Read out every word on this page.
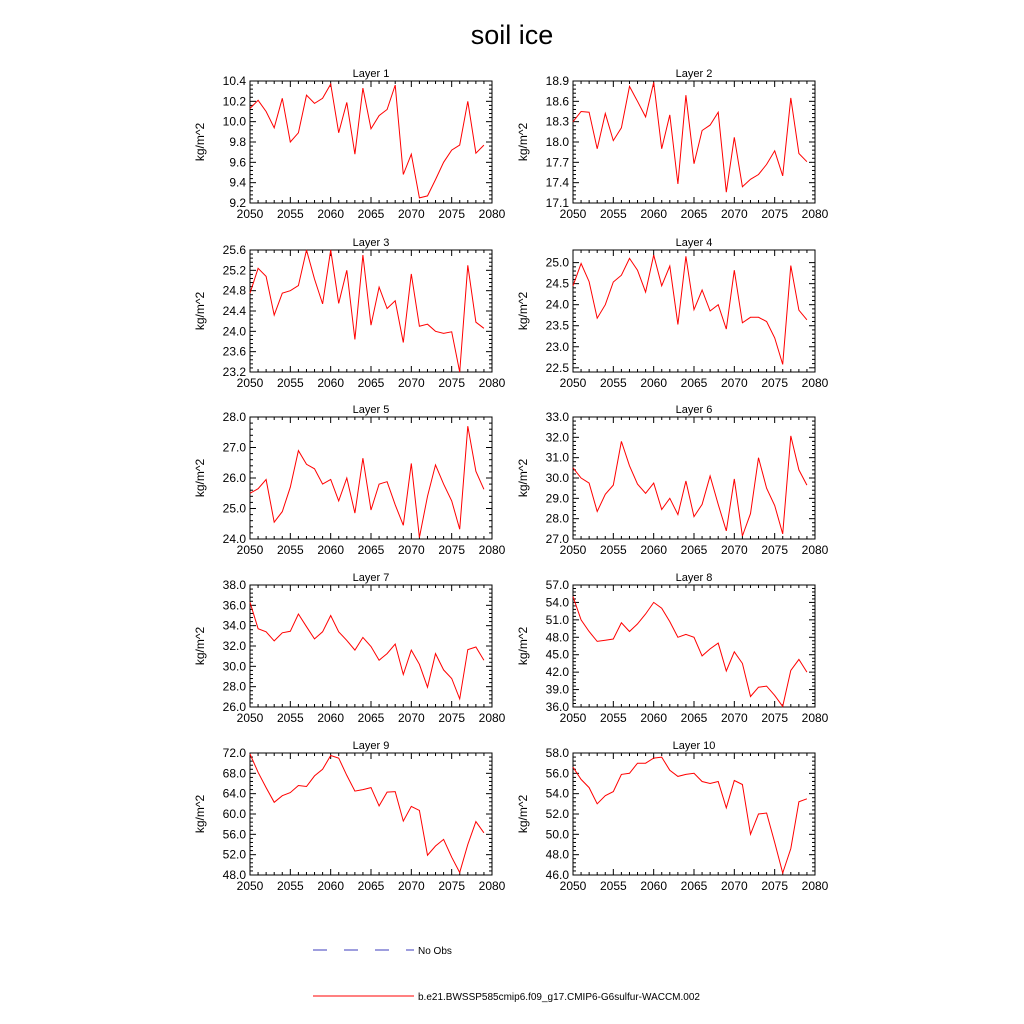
soil ice
Layer 1
2050 2055 2060 2065 2070 2075 2080
9.2
9.4
9.6
9.8
10.0
10.2
10.4
kg/m^2
Layer 2
2050 2055 2060 2065 2070 2075 2080
17.1
17.4
17.7
18.0
18.3
18.6
18.9
kg/m^2
Layer 3
2050 2055 2060 2065 2070 2075 2080
23.2
23.6
24.0
24.4
24.8
25.2
25.6
kg/m^2
Layer 4
2050 2055 2060 2065 2070 2075 2080
22.5
23.0
23.5
24.0
24.5
25.0
kg/m^2
Layer 5
2050 2055 2060 2065 2070 2075 2080
24.0
25.0
26.0
27.0
28.0
kg/m^2
Layer 6
2050 2055 2060 2065 2070 2075 2080
27.0
28.0
29.0
30.0
31.0
32.0
33.0
kg/m^2
Layer 7
2050 2055 2060 2065 2070 2075 2080
26.0
28.0
30.0
32.0
34.0
36.0
38.0
kg/m^2
Layer 8
2050 2055 2060 2065 2070 2075 2080
36.0
39.0
42.0
45.0
48.0
51.0
54.0
57.0
kg/m^2
Layer 9
2050 2055 2060 2065 2070 2075 2080
48.0
52.0
56.0
60.0
64.0
68.0
72.0
kg/m^2
Layer 10
2050 2055 2060 2065 2070 2075 2080
46.0
48.0
50.0
52.0
54.0
56.0
58.0
kg/m^2
No Obs
b.e21.BWSSP585cmip6.f09_g17.CMIP6-G6sulfur-WACCM.002
